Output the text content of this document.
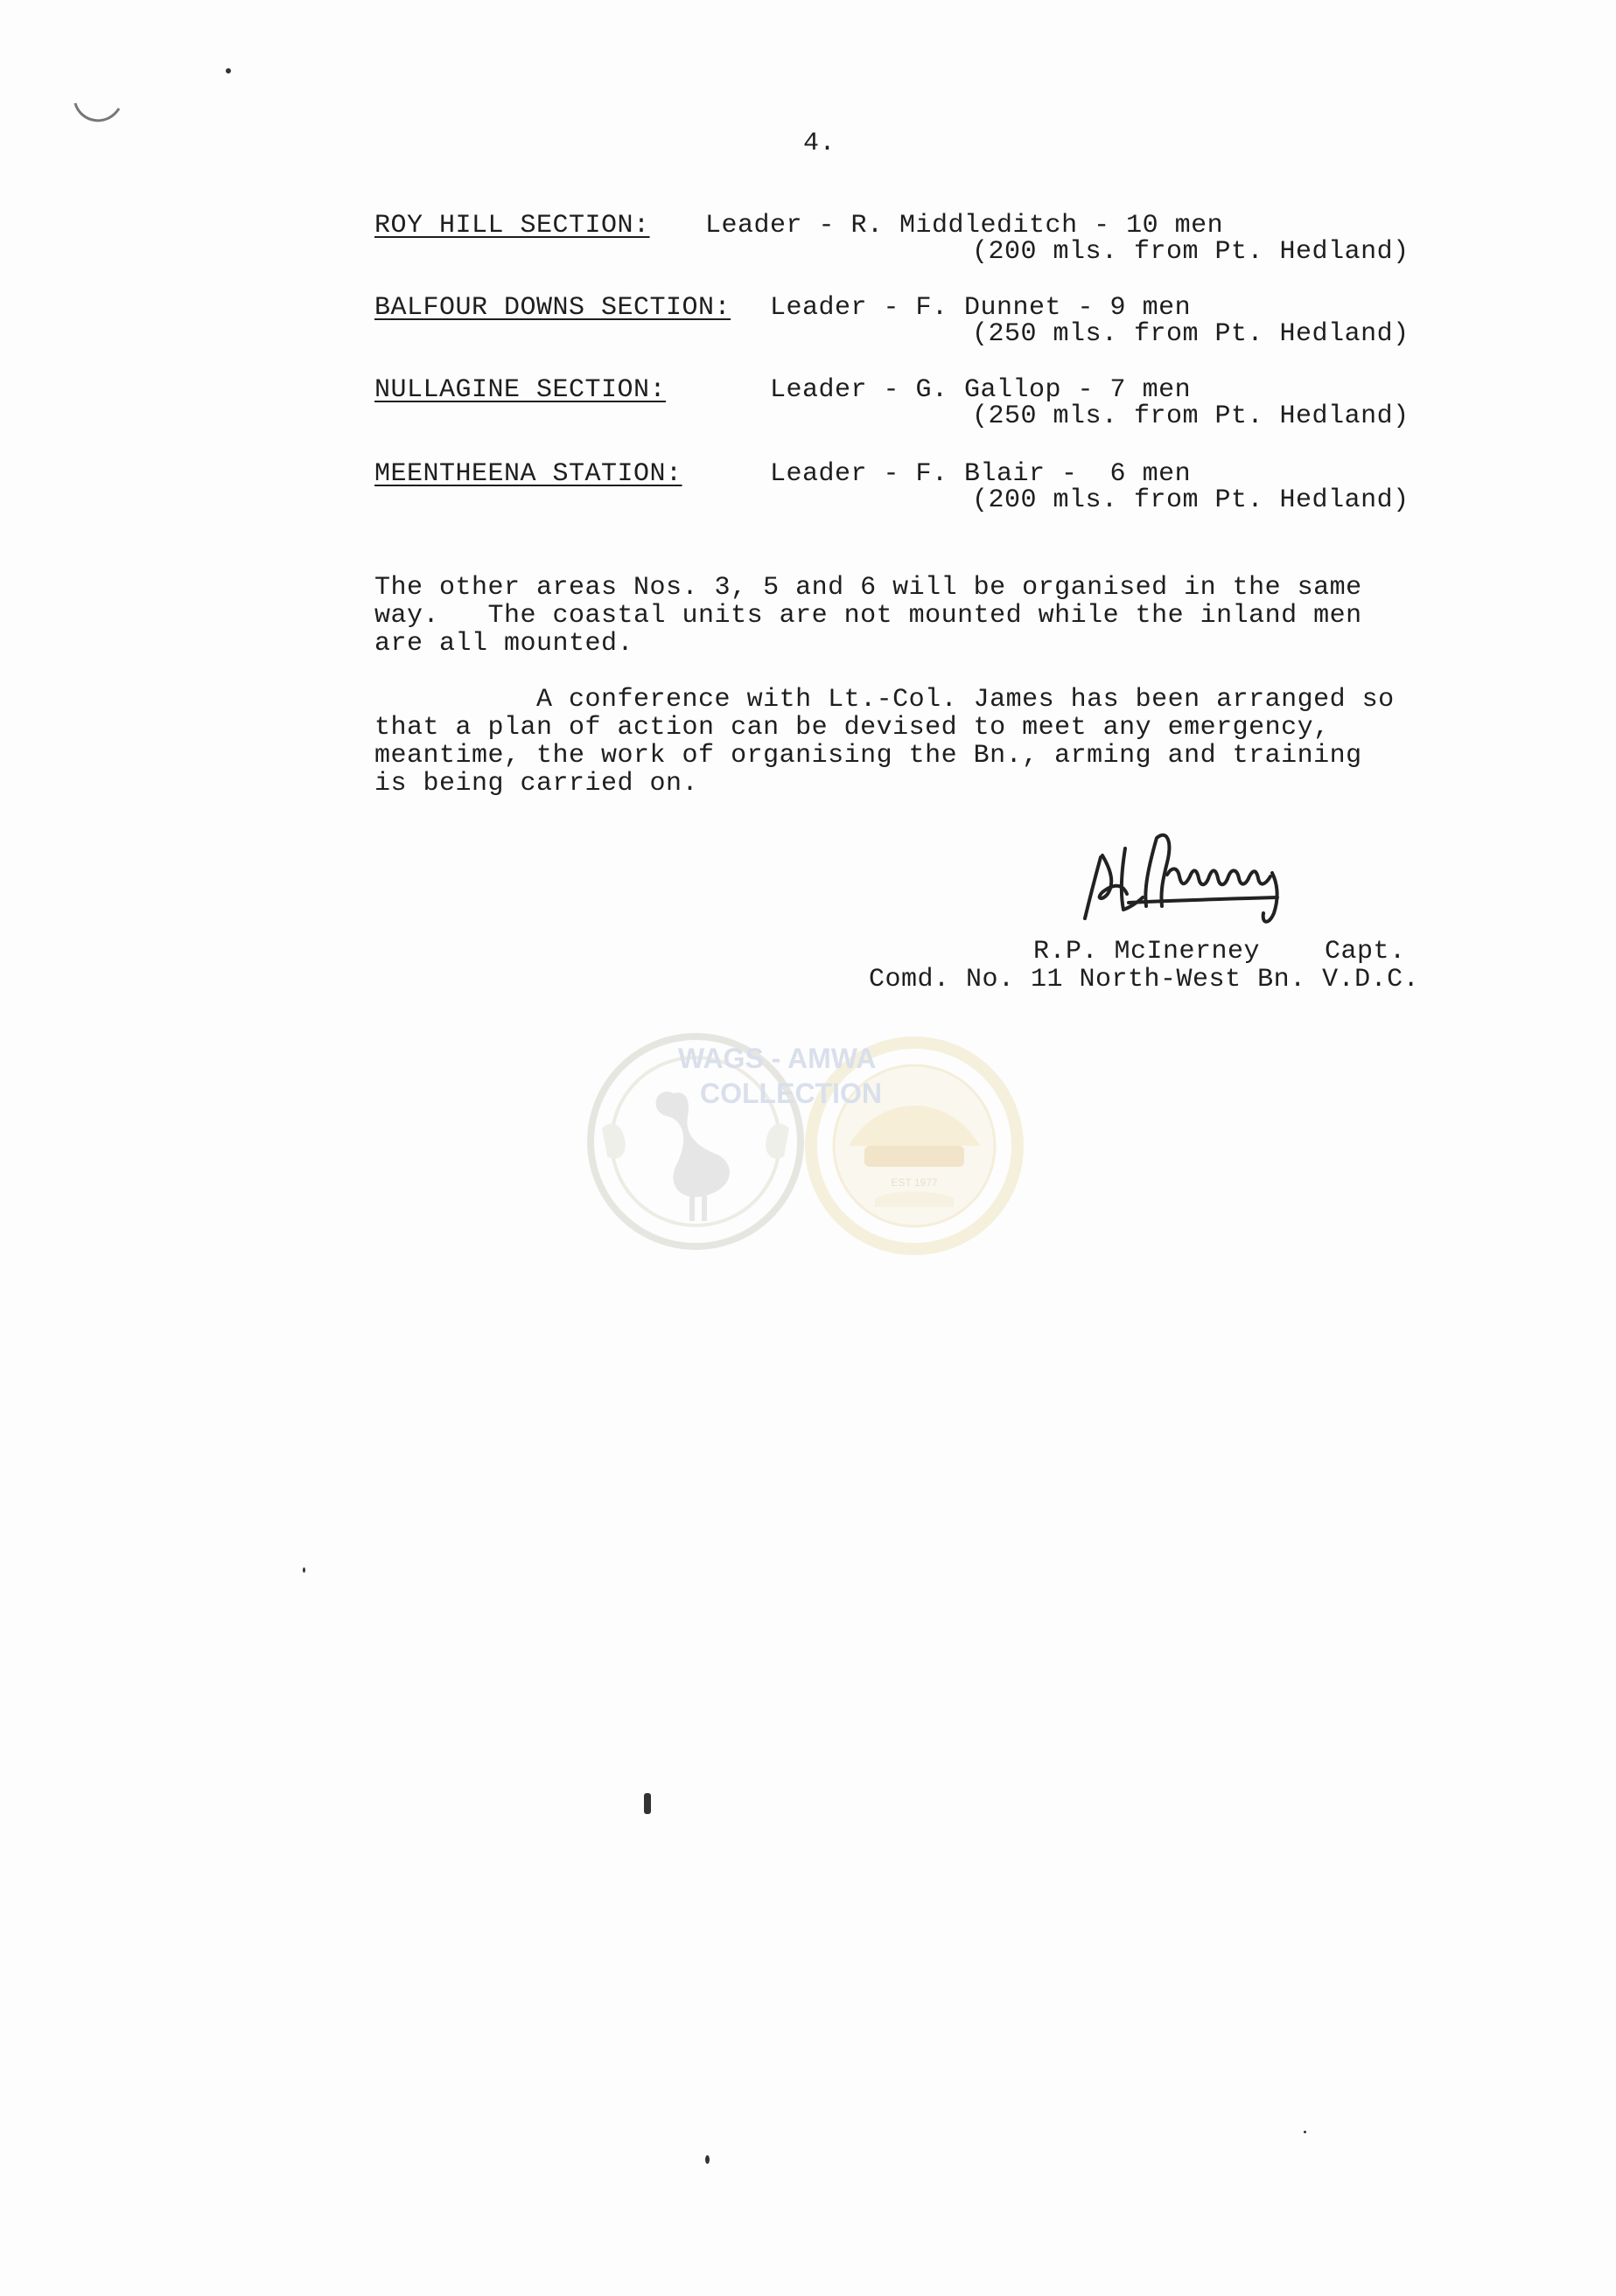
4.
ROY HILL SECTION: Leader - R. Middleditch - 10 men
(200 mls. from Pt. Hedland)
BALFOUR DOWNS SECTION: Leader - F. Dunnet - 9 men
(250 mls. from Pt. Hedland)
NULLAGINE SECTION:	Leader - G. Gallop - 7 men
(250 mls. from Pt. Hedland)
MEENTHEENA STATION:	Leader - F. Blair -  6 men
(200 mls. from Pt. Hedland)
The other areas Nos. 3, 5 and 6 will be organised in the same
way.   The coastal units are not mounted while the inland men
are all mounted.
A conference with Lt.-Col. James has been arranged so
that a plan of action can be devised to meet any emergency,
meantime, the work of organising the Bn., arming and training
is being carried on.
R.P. McInerney    Capt.
Comd. No. 11 North-West Bn. V.D.C.
EST 1977
WAGS - AMWA
COLLECTION
